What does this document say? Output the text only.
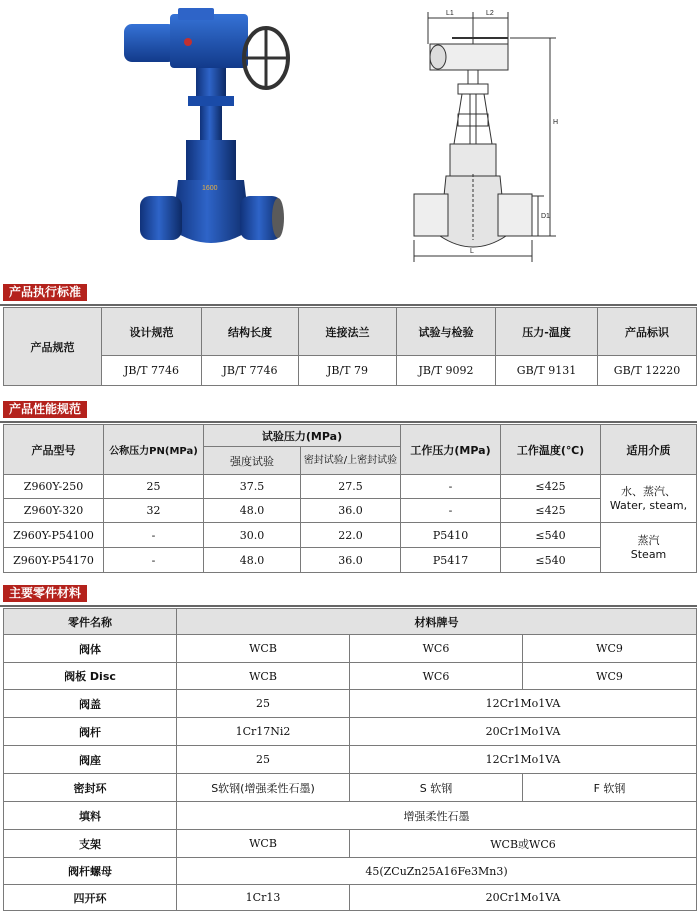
1600
L1	L2
H
D1
L
产品执行标准
产品规范	设计规范	结构长度	连接法兰	试验与检验	压力-温度	产品标识
	JB/T 7746	JB/T 7746	JB/T 79	JB/T 9092	GB/T 9131	GB/T 12220
产品性能规范
产品型号	公称压力PN(MPa)	试验压力(MPa)		工作压力(MPa)	工作温度(℃)	适用介质
		强度试验	密封试验/上密封试验			
Z960Y-250	25	37.5	27.5	-	≤425	水、蒸汽、
Water, steam,

Z960Y-320	32	48.0	36.0	-	≤425	
Z960Y-P54100	-	30.0	22.0	P5410	≤540	蒸汽
Steam

Z960Y-P54170	-	48.0	36.0	P5417	≤540	
主要零件材料
零件名称	材料牌号		
阀体	WCB	WC6	WC9
阀板 Disc	WCB	WC6	WC9
阀盖	25	12Cr1Mo1VA	
阀杆	1Cr17Ni2	20Cr1Mo1VA	
阀座	25	12Cr1Mo1VA	
密封环	S软钢(增强柔性石墨)	S 软钢	F 软钢
填料	增强柔性石墨		
支架	WCB	WCB或WC6	
阀杆螺母	45(ZCuZn25A16Fe3Mn3)		
四开环	1Cr13	20Cr1Mo1VA	
